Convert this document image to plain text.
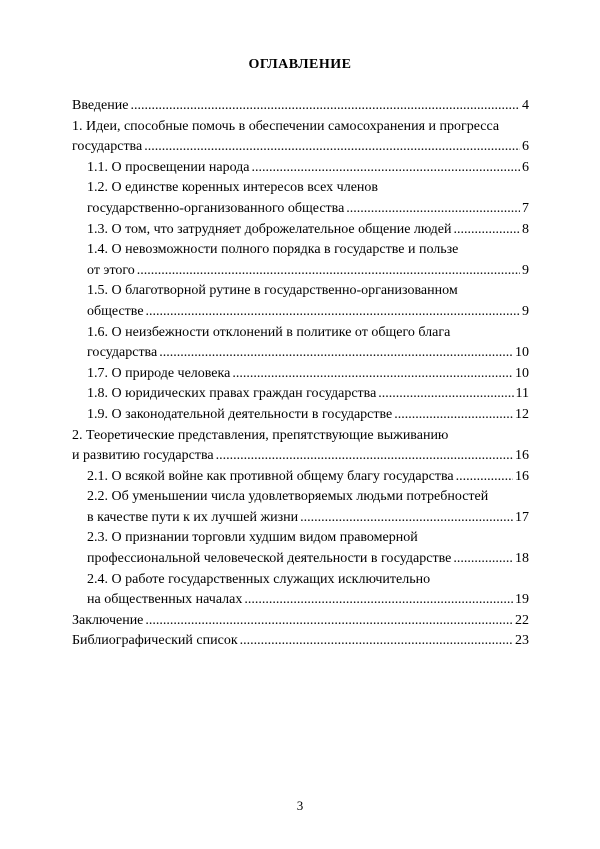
ОГЛАВЛЕНИЕ
Введение .....	4
1. Идеи, способные помочь в обеспечении самосохранения и прогресса
государства .....	6
1.1. О просвещении народа .....	6
1.2. О единстве коренных интересов всех членов
государственно-организованного общества .....	7
1.3. О том, что затрудняет доброжелательное общение людей .....	8
1.4. О невозможности полного порядка в государстве и пользе
от этого .....	9
1.5. О благотворной рутине в государственно-организованном
обществе .....	9
1.6. О неизбежности отклонений в политике от общего блага
государства .....	10
1.7. О природе человека .....	10
1.8. О юридических правах граждан государства .....	11
1.9. О законодательной деятельности в государстве .....	12
2. Теоретические представления, препятствующие выживанию
и развитию государства .....	16
2.1. О всякой войне как противной общему благу государства .....	16
2.2. Об уменьшении числа удовлетворяемых людьми потребностей
в качестве пути к их лучшей жизни .....	17
2.3. О признании торговли худшим видом правомерной
профессиональной человеческой деятельности в государстве .....	18
2.4. О работе государственных служащих исключительно
на общественных началах .....	19
Заключение .....	22
Библиографический список .....	23
3
